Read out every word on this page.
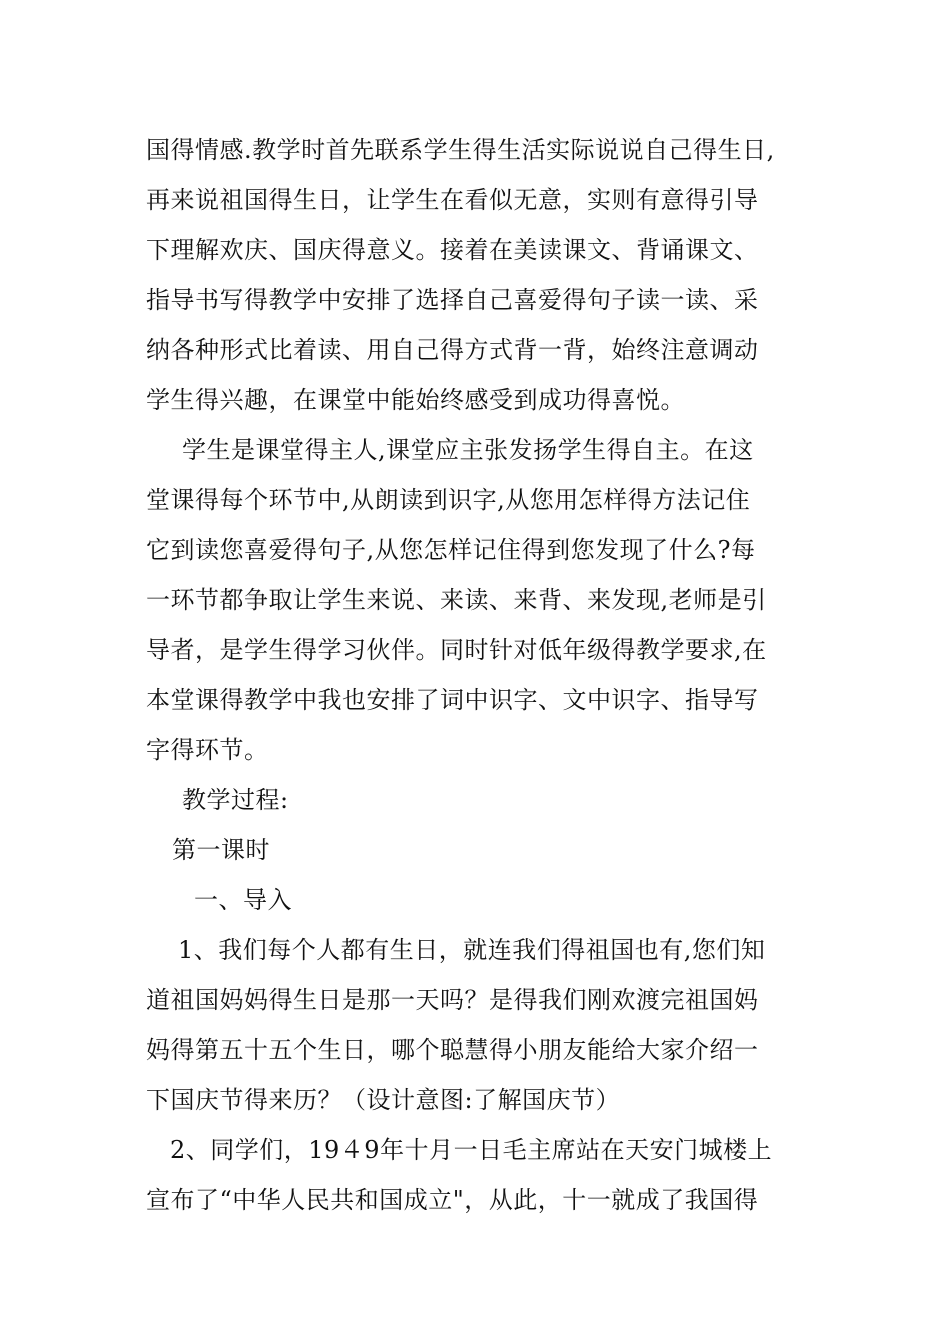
国得情感.教学时首先联系学生得生活实际说说自己得生日,
再来说祖国得生日，让学生在看似无意，实则有意得引导
下理解欢庆、国庆得意义。接着在美读课文、背诵课文、
指导书写得教学中安排了选择自己喜爱得句子读一读、采
纳各种形式比着读、用自己得方式背一背，始终注意调动
学生得兴趣，在课堂中能始终感受到成功得喜悦。
学生是课堂得主人,课堂应主张发扬学生得自主。在这
堂课得每个环节中,从朗读到识字,从您用怎样得方法记住
它到读您喜爱得句子,从您怎样记住得到您发现了什么?每
一环节都争取让学生来说、来读、来背、来发现,老师是引
导者，是学生得学习伙伴。同时针对低年级得教学要求,在
本堂课得教学中我也安排了词中识字、文中识字、指导写
字得环节。
教学过程:
第一课时
一、导入
1、我们每个人都有生日，就连我们得祖国也有,您们知
道祖国妈妈得生日是那一天吗？是得我们刚欢渡完祖国妈
妈得第五十五个生日，哪个聪慧得小朋友能给大家介绍一
下国庆节得来历？（设计意图:了解国庆节）
2、同学们，19４9年十月一日毛主席站在天安门城楼上
宣布了“中华人民共和国成立"，从此，十一就成了我国得
